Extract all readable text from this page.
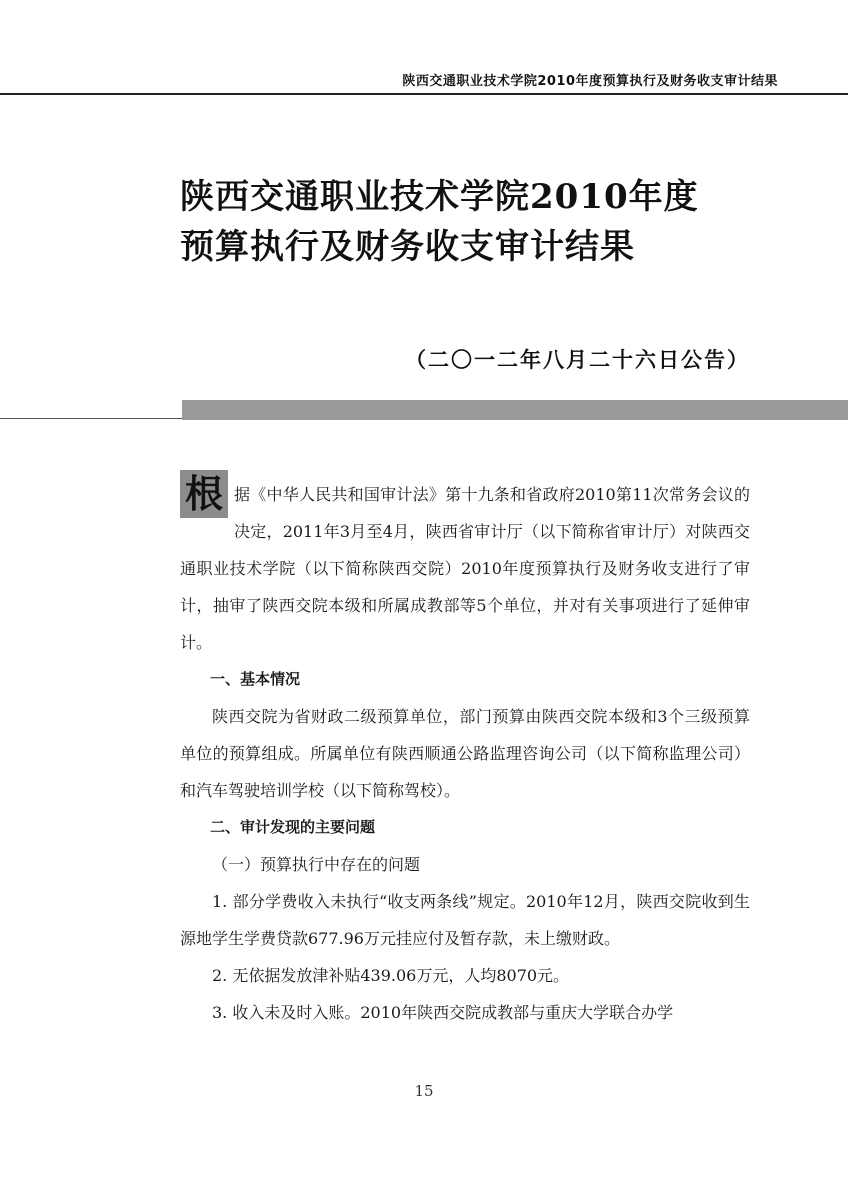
陕西交通职业技术学院2010年度预算执行及财务收支审计结果
陕西交通职业技术学院2010年度
预算执行及财务收支审计结果
（二〇一二年八月二十六日公告）

根 据《中华人民共和国审计法》第十九条和省政府2010第11次常务会议的决定，2011年3月至4月，陕西省审计厅（以下简称省审计厅）对陕西交通职业技术学院（以下简称陕西交院）2010年度预算执行及财务收支进行了审计，抽审了陕西交院本级和所属成教部等5个单位，并对有关事项进行了延伸审计。

一、基本情况

陕西交院为省财政二级预算单位，部门预算由陕西交院本级和3个三级预算单位的预算组成。所属单位有陕西顺通公路监理咨询公司（以下简称监理公司）和汽车驾驶培训学校（以下简称驾校）。

二、审计发现的主要问题

（一）预算执行中存在的问题

1. 部分学费收入未执行“收支两条线”规定。2010年12月，陕西交院收到生源地学生学费贷款677.96万元挂应付及暂存款，未上缴财政。

2. 无依据发放津补贴439.06万元，人均8070元。

3. 收入未及时入账。2010年陕西交院成教部与重庆大学联合办学

15
